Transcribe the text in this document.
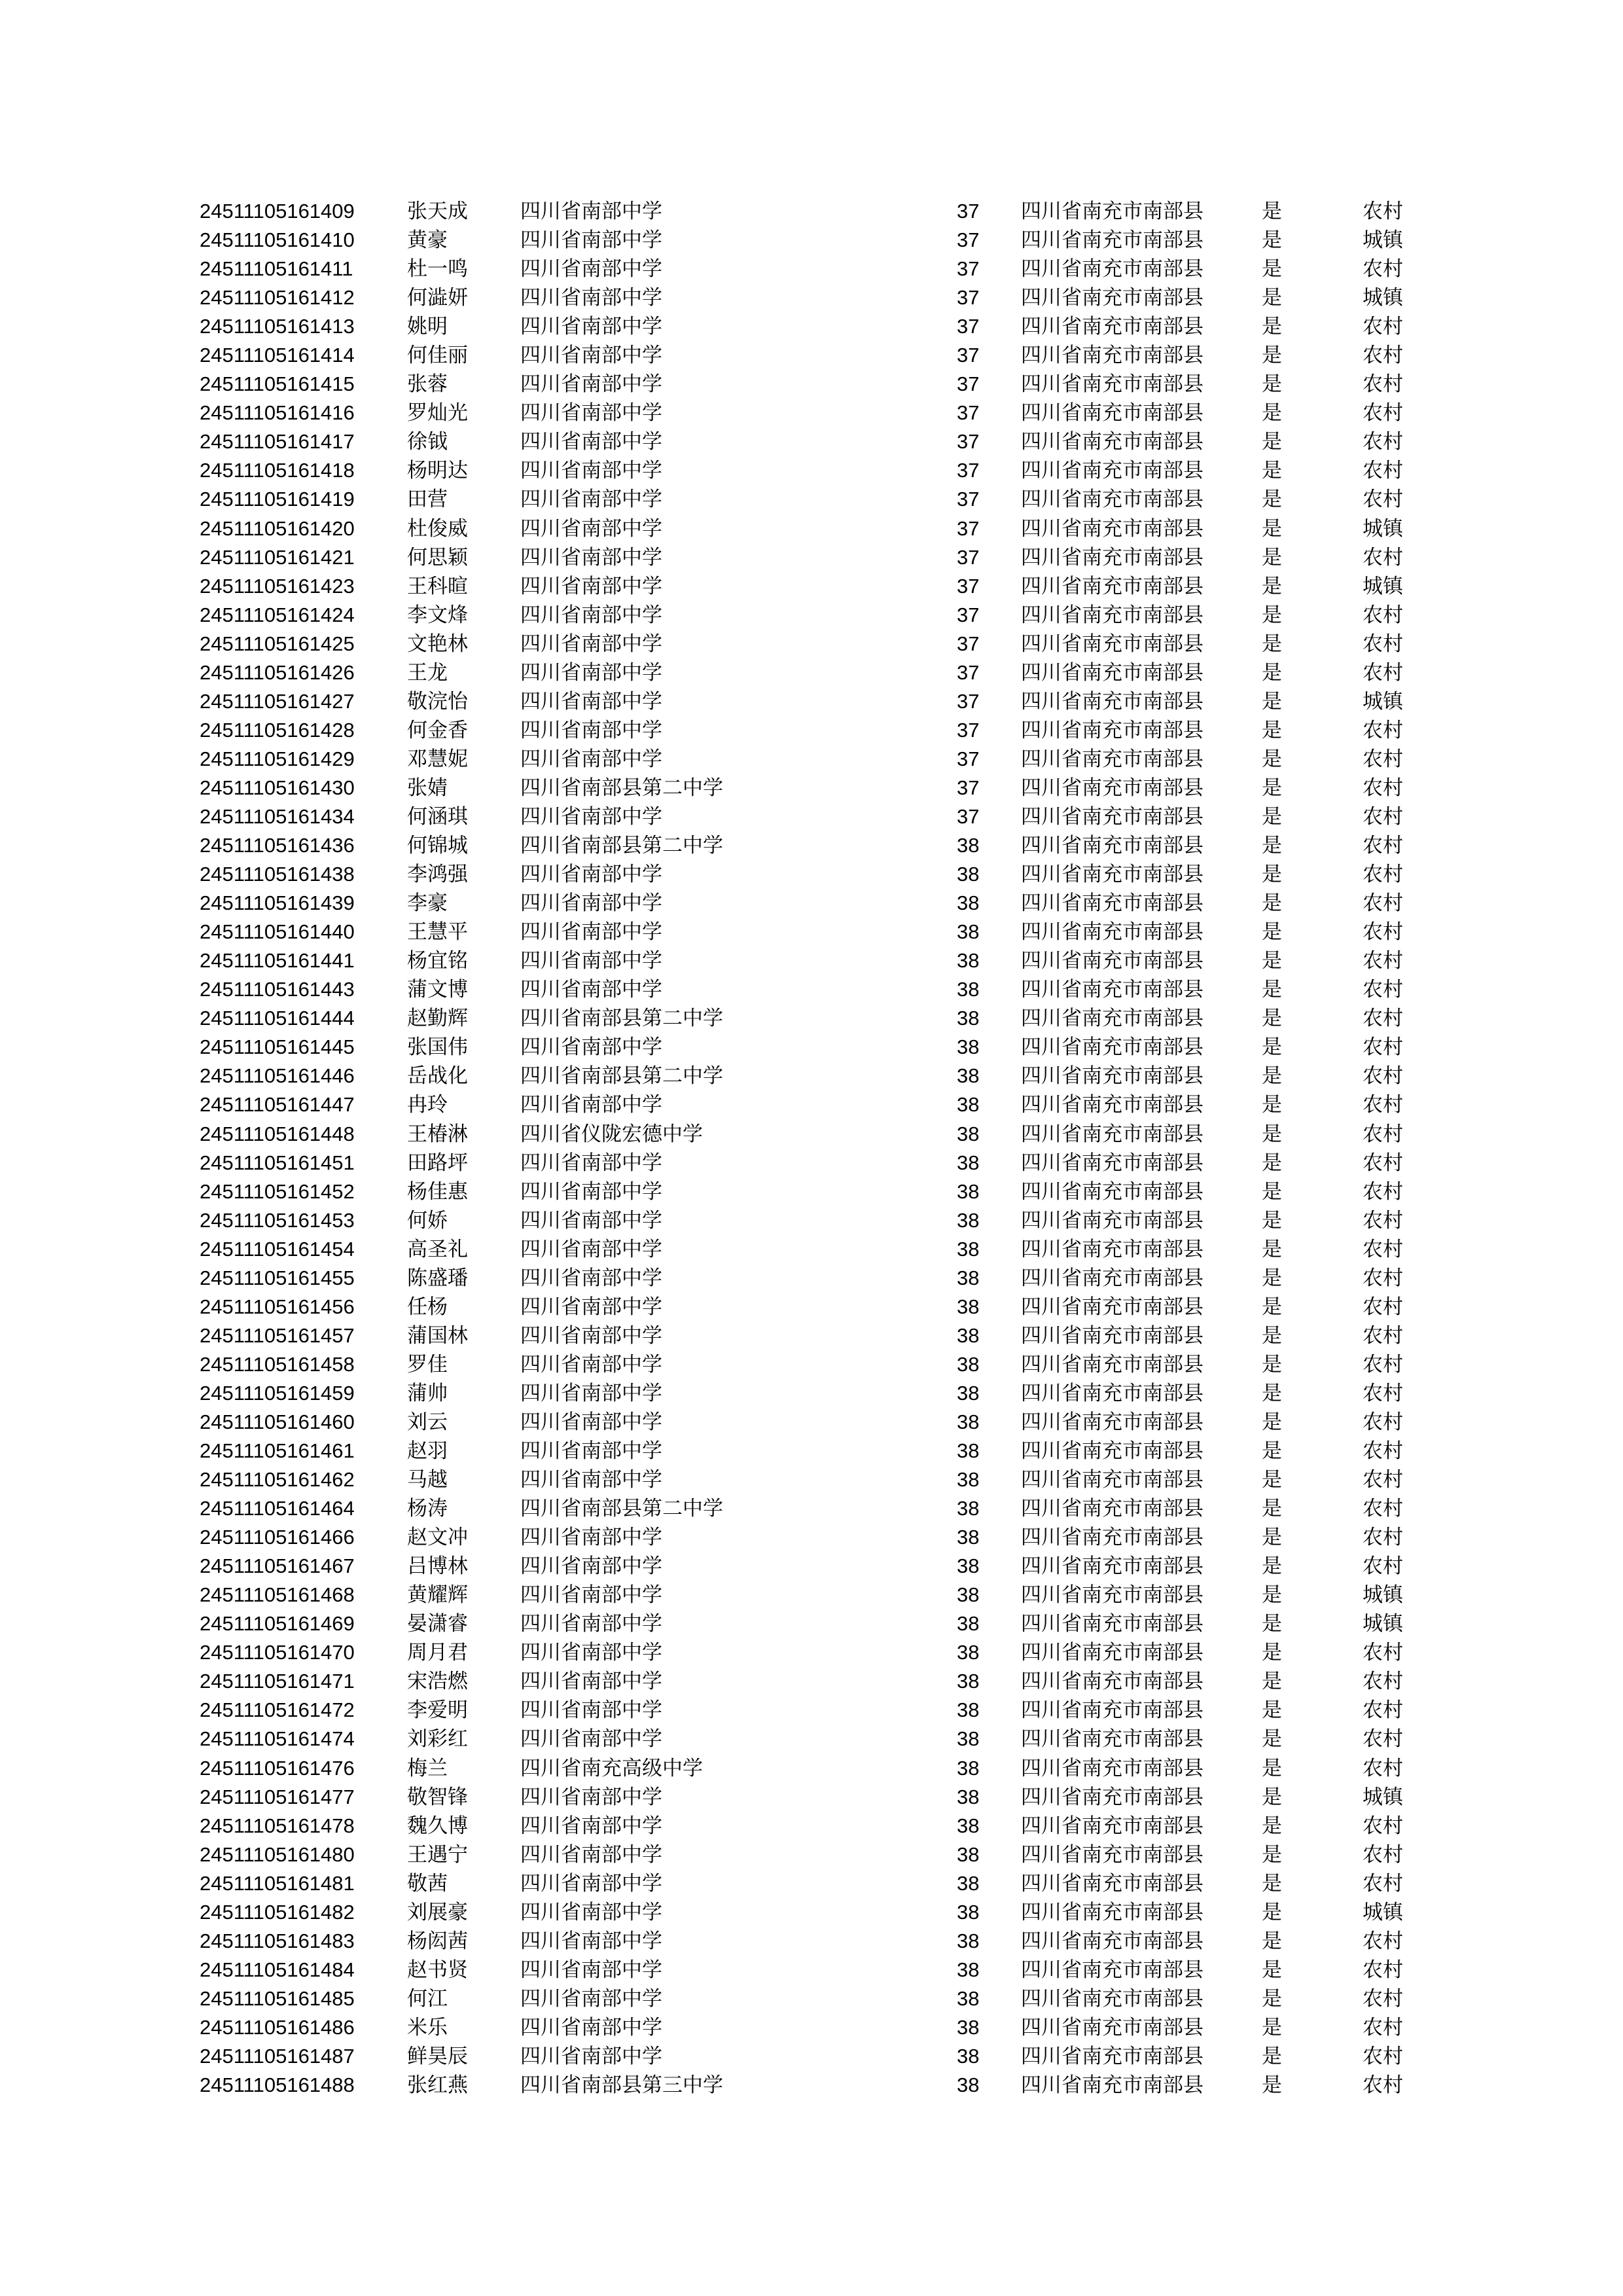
24511105161409	张天成	四川省南部中学	37 四川省南充市南部县	是	农村
24511105161410	黄豪	四川省南部中学	37 四川省南充市南部县	是	城镇
24511105161411	杜一鸣	四川省南部中学	37 四川省南充市南部县	是	农村
24511105161412	何澁妍	四川省南部中学	37 四川省南充市南部县	是	城镇
24511105161413	姚明	四川省南部中学	37 四川省南充市南部县	是	农村
24511105161414	何佳丽	四川省南部中学	37 四川省南充市南部县	是	农村
24511105161415	张蓉	四川省南部中学	37 四川省南充市南部县	是	农村
24511105161416	罗灿光	四川省南部中学	37 四川省南充市南部县	是	农村
24511105161417	徐钺	四川省南部中学	37 四川省南充市南部县	是	农村
24511105161418	杨明达	四川省南部中学	37 四川省南充市南部县	是	农村
24511105161419	田营	四川省南部中学	37 四川省南充市南部县	是	农村
24511105161420	杜俊威	四川省南部中学	37 四川省南充市南部县	是	城镇
24511105161421	何思颖	四川省南部中学	37 四川省南充市南部县	是	农村
24511105161423	王科暄	四川省南部中学	37 四川省南充市南部县	是	城镇
24511105161424	李文烽	四川省南部中学	37 四川省南充市南部县	是	农村
24511105161425	文艳林	四川省南部中学	37 四川省南充市南部县	是	农村
24511105161426	王龙	四川省南部中学	37 四川省南充市南部县	是	农村
24511105161427	敬浣怡	四川省南部中学	37 四川省南充市南部县	是	城镇
24511105161428	何金香	四川省南部中学	37 四川省南充市南部县	是	农村
24511105161429	邓慧妮	四川省南部中学	37 四川省南充市南部县	是	农村
24511105161430	张婧	四川省南部县第二中学	37 四川省南充市南部县	是	农村
24511105161434	何涵琪	四川省南部中学	37 四川省南充市南部县	是	农村
24511105161436	何锦城	四川省南部县第二中学	38 四川省南充市南部县	是	农村
24511105161438	李鸿强	四川省南部中学	38 四川省南充市南部县	是	农村
24511105161439	李豪	四川省南部中学	38 四川省南充市南部县	是	农村
24511105161440	王慧平	四川省南部中学	38 四川省南充市南部县	是	农村
24511105161441	杨宜铭	四川省南部中学	38 四川省南充市南部县	是	农村
24511105161443	蒲文博	四川省南部中学	38 四川省南充市南部县	是	农村
24511105161444	赵勤辉	四川省南部县第二中学	38 四川省南充市南部县	是	农村
24511105161445	张国伟	四川省南部中学	38 四川省南充市南部县	是	农村
24511105161446	岳战化	四川省南部县第二中学	38 四川省南充市南部县	是	农村
24511105161447	冉玲	四川省南部中学	38 四川省南充市南部县	是	农村
24511105161448	王椿淋	四川省仪陇宏德中学	38 四川省南充市南部县	是	农村
24511105161451	田路坪	四川省南部中学	38 四川省南充市南部县	是	农村
24511105161452	杨佳惠	四川省南部中学	38 四川省南充市南部县	是	农村
24511105161453	何娇	四川省南部中学	38 四川省南充市南部县	是	农村
24511105161454	高圣礼	四川省南部中学	38 四川省南充市南部县	是	农村
24511105161455	陈盛璠	四川省南部中学	38 四川省南充市南部县	是	农村
24511105161456	任杨	四川省南部中学	38 四川省南充市南部县	是	农村
24511105161457	蒲国林	四川省南部中学	38 四川省南充市南部县	是	农村
24511105161458	罗佳	四川省南部中学	38 四川省南充市南部县	是	农村
24511105161459	蒲帅	四川省南部中学	38 四川省南充市南部县	是	农村
24511105161460	刘云	四川省南部中学	38 四川省南充市南部县	是	农村
24511105161461	赵羽	四川省南部中学	38 四川省南充市南部县	是	农村
24511105161462	马越	四川省南部中学	38 四川省南充市南部县	是	农村
24511105161464	杨涛	四川省南部县第二中学	38 四川省南充市南部县	是	农村
24511105161466	赵文冲	四川省南部中学	38 四川省南充市南部县	是	农村
24511105161467	吕博林	四川省南部中学	38 四川省南充市南部县	是	农村
24511105161468	黄耀辉	四川省南部中学	38 四川省南充市南部县	是	城镇
24511105161469	晏潇睿	四川省南部中学	38 四川省南充市南部县	是	城镇
24511105161470	周月君	四川省南部中学	38 四川省南充市南部县	是	农村
24511105161471	宋浩燃	四川省南部中学	38 四川省南充市南部县	是	农村
24511105161472	李爱明	四川省南部中学	38 四川省南充市南部县	是	农村
24511105161474	刘彩红	四川省南部中学	38 四川省南充市南部县	是	农村
24511105161476	梅兰	四川省南充高级中学	38 四川省南充市南部县	是	农村
24511105161477	敬智锋	四川省南部中学	38 四川省南充市南部县	是	城镇
24511105161478	魏久博	四川省南部中学	38 四川省南充市南部县	是	农村
24511105161480	王遇宁	四川省南部中学	38 四川省南充市南部县	是	农村
24511105161481	敬茜	四川省南部中学	38 四川省南充市南部县	是	农村
24511105161482	刘展豪	四川省南部中学	38 四川省南充市南部县	是	城镇
24511105161483	杨闳茜	四川省南部中学	38 四川省南充市南部县	是	农村
24511105161484	赵书贤	四川省南部中学	38 四川省南充市南部县	是	农村
24511105161485	何江	四川省南部中学	38 四川省南充市南部县	是	农村
24511105161486	米乐	四川省南部中学	38 四川省南充市南部县	是	农村
24511105161487	鲜昊辰	四川省南部中学	38 四川省南充市南部县	是	农村
24511105161488	张红燕	四川省南部县第三中学	38 四川省南充市南部县	是	农村
